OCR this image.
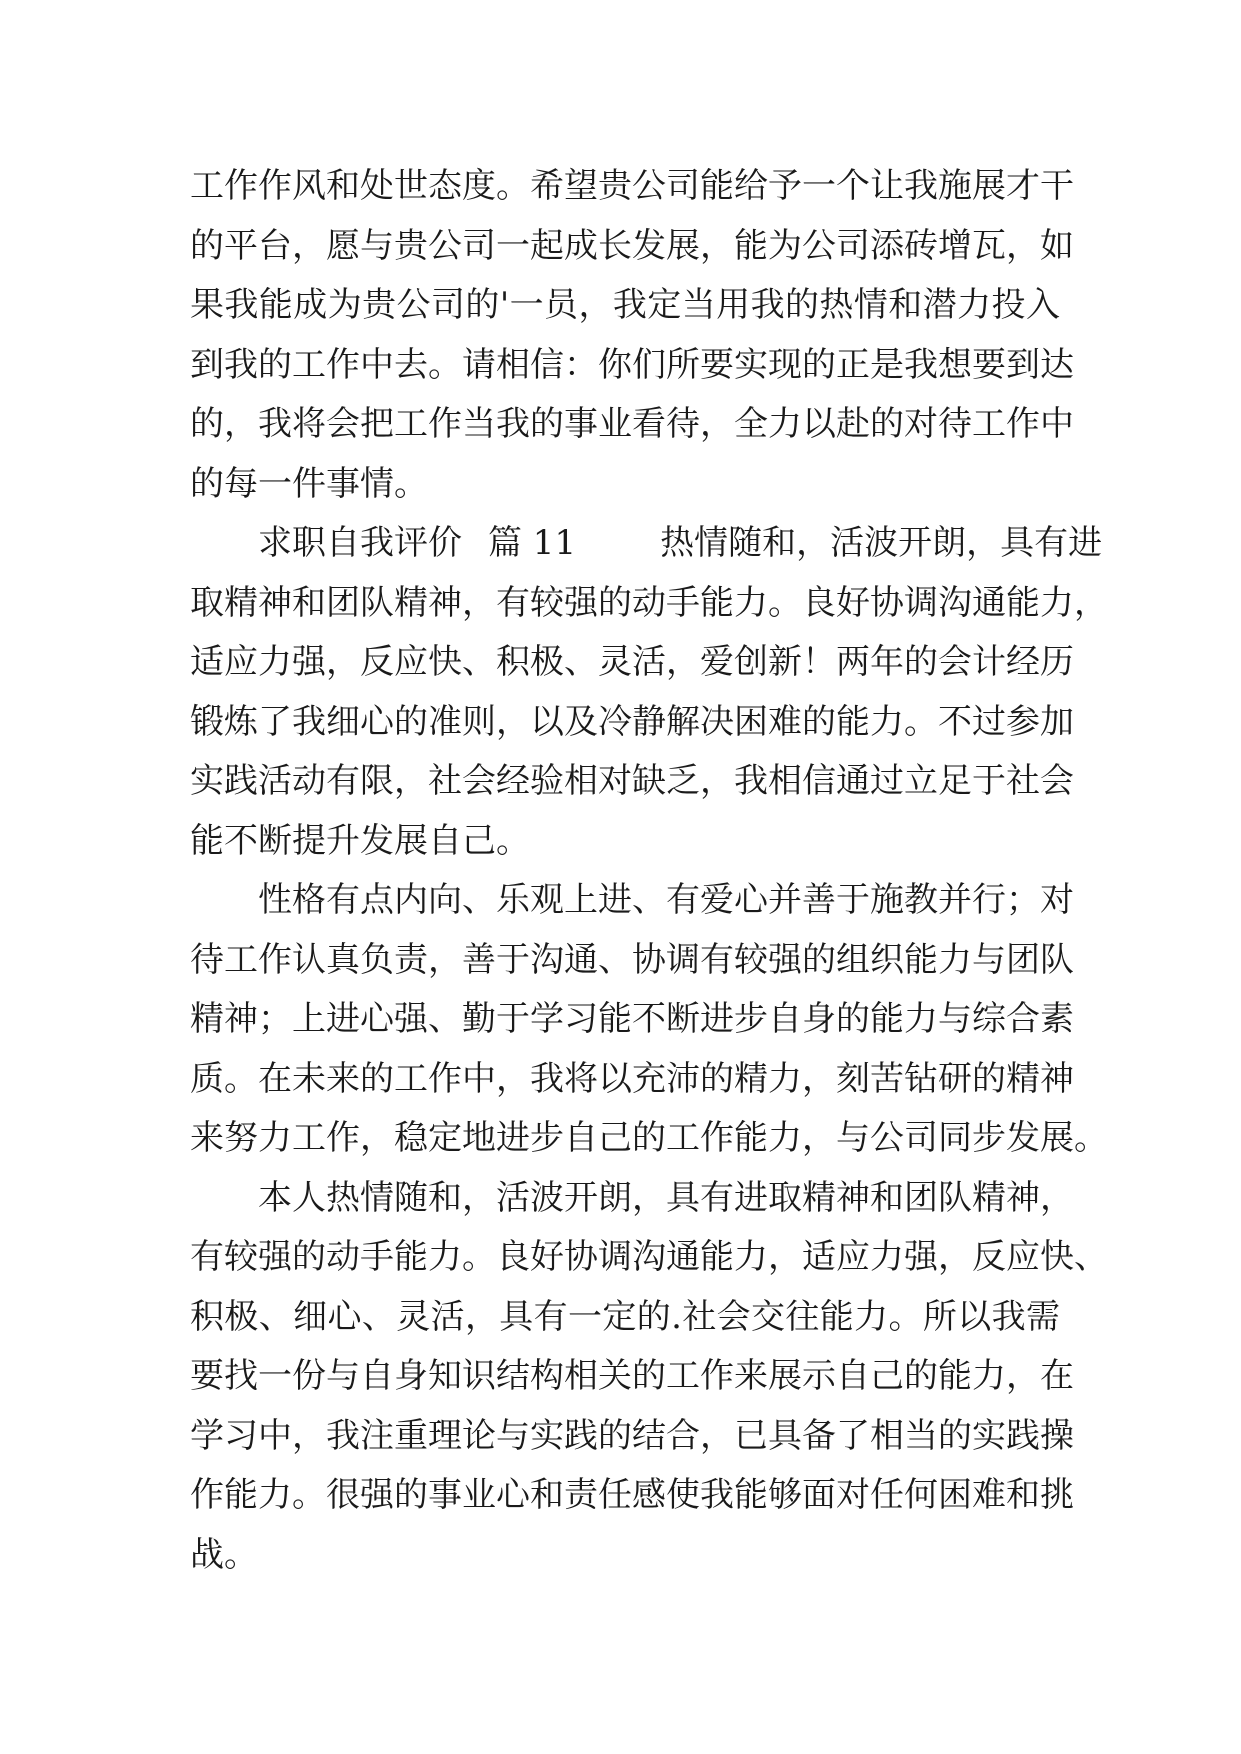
工作作风和处世态度。希望贵公司能给予一个让我施展才干
的平台，愿与贵公司一起成长发展，能为公司添砖增瓦，如
果我能成为贵公司的'一员，我定当用我的热情和潜力投入
到我的工作中去。请相信：你们所要实现的正是我想要到达
的，我将会把工作当我的事业看待，全力以赴的对待工作中
的每一件事情。
求职自我评价 篇 11 热情随和，活波开朗，具有进
取精神和团队精神，有较强的动手能力。良好协调沟通能力，
适应力强，反应快、积极、灵活，爱创新！两年的会计经历
锻炼了我细心的准则，以及冷静解决困难的能力。不过参加
实践活动有限，社会经验相对缺乏，我相信通过立足于社会
能不断提升发展自己。
性格有点内向、乐观上进、有爱心并善于施教并行；对
待工作认真负责，善于沟通、协调有较强的组织能力与团队
精神；上进心强、勤于学习能不断进步自身的能力与综合素
质。在未来的工作中，我将以充沛的精力，刻苦钻研的精神
来努力工作，稳定地进步自己的工作能力，与公司同步发展。
本人热情随和，活波开朗，具有进取精神和团队精神，
有较强的动手能力。良好协调沟通能力，适应力强，反应快、
积极、细心、灵活，具有一定的.社会交往能力。所以我需
要找一份与自身知识结构相关的工作来展示自己的能力，在
学习中，我注重理论与实践的结合，已具备了相当的实践操
作能力。很强的事业心和责任感使我能够面对任何困难和挑
战。
